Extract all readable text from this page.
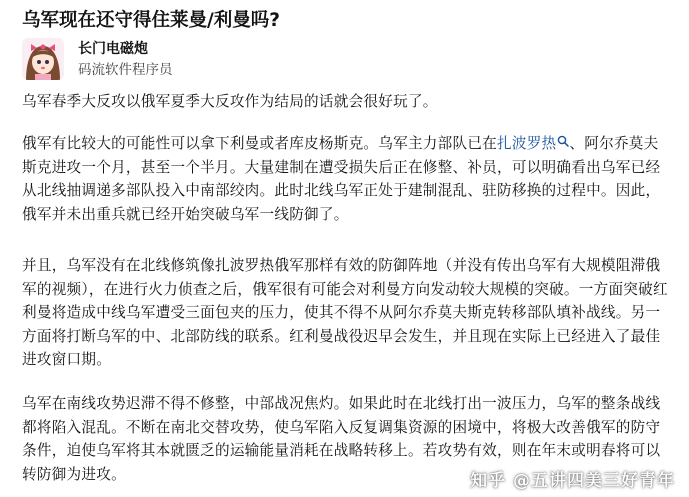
乌军现在还守得住莱曼/利曼吗?
长门电磁炮
码流软件程序员

乌军春季大反攻以俄军夏季大反攻作为结局的话就会很好玩了。

俄军有比较大的可能性可以拿下利曼或者库皮杨斯克。乌军主力部队已在扎波罗热 、阿尔乔莫夫斯克进攻一个月，甚至一个半月。大量建制在遭受损失后正在修整、补员，可以明确看出乌军已经从北线抽调递多部队投入中南部绞肉。此时北线乌军正处于建制混乱、驻防移换的过程中。因此，俄军并未出重兵就已经开始突破乌军一线防御了。

并且，乌军没有在北线修筑像扎波罗热俄军那样有效的防御阵地（并没有传出乌军有大规模阻滞俄军的视频），在进行火力侦查之后，俄军很有可能会对利曼方向发动较大规模的突破。一方面突破红利曼将造成中线乌军遭受三面包夹的压力，使其不得不从阿尔乔莫夫斯克转移部队填补战线。另一方面将打断乌军的中、北部防线的联系。红利曼战役迟早会发生，并且现在实际上已经进入了最佳进攻窗口期。

乌军在南线攻势迟滞不得不修整，中部战况焦灼。如果此时在北线打出一波压力，乌军的整条战线都将陷入混乱。不断在南北交替攻势，使乌军陷入反复调集资源的困境中，将极大改善俄军的防守条件，迫使乌军将其本就匮乏的运输能量消耗在战略转移上。若攻势有效，则在年末或明春将可以转防御为进攻。	知乎 @五讲四美三好青年
